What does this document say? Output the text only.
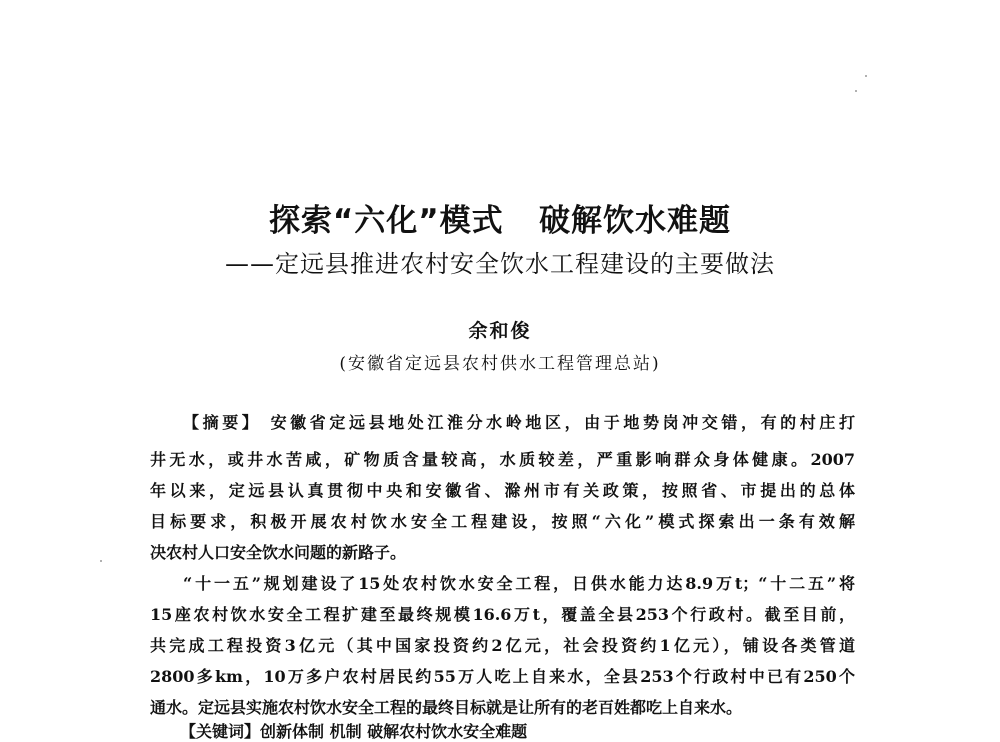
探索“六化”模式   破解饮水难题
——定远县推进农村安全饮水工程建设的主要做法
余和俊
(安徽省定远县农村供水工程管理总站)
【摘要】 安徽省定远县地处江淮分水岭地区，由于地势岗冲交错，有的村庄打
井无水，或井水苦咸，矿物质含量较高，水质较差，严重影响群众身体健康。2007
年以来，定远县认真贯彻中央和安徽省、滁州市有关政策，按照省、市提出的总体
目标要求，积极开展农村饮水安全工程建设，按照“六化”模式探索出一条有效解
决农村人口安全饮水问题的新路子。
“十一五”规划建设了15处农村饮水安全工程，日供水能力达8.9万t；“十二五”将
15座农村饮水安全工程扩建至最终规模16.6万t，覆盖全县253个行政村。截至目前，
共完成工程投资3亿元（其中国家投资约2亿元，社会投资约1亿元），铺设各类管道
2800多km，10万多户农村居民约55万人吃上自来水，全县253个行政村中已有250个
通水。定远县实施农村饮水安全工程的最终目标就是让所有的老百姓都吃上自来水。
【关键词】创新体制 机制 破解农村饮水安全难题
